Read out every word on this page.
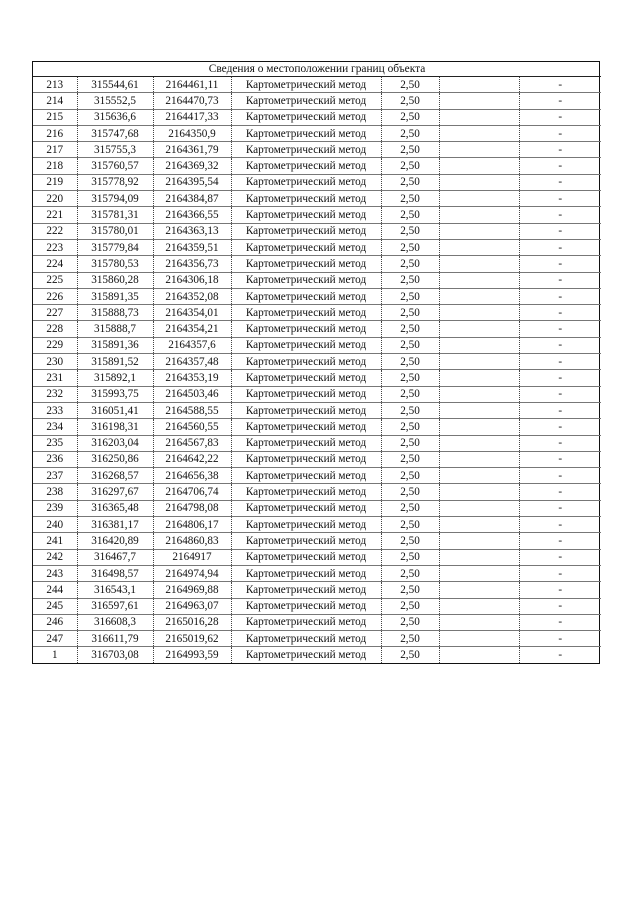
Сведения о местоположении границ объекта						
213	315544,61	2164461,11	Картометрический метод	2,50		-
214	315552,5	2164470,73	Картометрический метод	2,50		-
215	315636,6	2164417,33	Картометрический метод	2,50		-
216	315747,68	2164350,9	Картометрический метод	2,50		-
217	315755,3	2164361,79	Картометрический метод	2,50		-
218	315760,57	2164369,32	Картометрический метод	2,50		-
219	315778,92	2164395,54	Картометрический метод	2,50		-
220	315794,09	2164384,87	Картометрический метод	2,50		-
221	315781,31	2164366,55	Картометрический метод	2,50		-
222	315780,01	2164363,13	Картометрический метод	2,50		-
223	315779,84	2164359,51	Картометрический метод	2,50		-
224	315780,53	2164356,73	Картометрический метод	2,50		-
225	315860,28	2164306,18	Картометрический метод	2,50		-
226	315891,35	2164352,08	Картометрический метод	2,50		-
227	315888,73	2164354,01	Картометрический метод	2,50		-
228	315888,7	2164354,21	Картометрический метод	2,50		-
229	315891,36	2164357,6	Картометрический метод	2,50		-
230	315891,52	2164357,48	Картометрический метод	2,50		-
231	315892,1	2164353,19	Картометрический метод	2,50		-
232	315993,75	2164503,46	Картометрический метод	2,50		-
233	316051,41	2164588,55	Картометрический метод	2,50		-
234	316198,31	2164560,55	Картометрический метод	2,50		-
235	316203,04	2164567,83	Картометрический метод	2,50		-
236	316250,86	2164642,22	Картометрический метод	2,50		-
237	316268,57	2164656,38	Картометрический метод	2,50		-
238	316297,67	2164706,74	Картометрический метод	2,50		-
239	316365,48	2164798,08	Картометрический метод	2,50		-
240	316381,17	2164806,17	Картометрический метод	2,50		-
241	316420,89	2164860,83	Картометрический метод	2,50		-
242	316467,7	2164917	Картометрический метод	2,50		-
243	316498,57	2164974,94	Картометрический метод	2,50		-
244	316543,1	2164969,88	Картометрический метод	2,50		-
245	316597,61	2164963,07	Картометрический метод	2,50		-
246	316608,3	2165016,28	Картометрический метод	2,50		-
247	316611,79	2165019,62	Картометрический метод	2,50		-
1	316703,08	2164993,59	Картометрический метод	2,50		-
